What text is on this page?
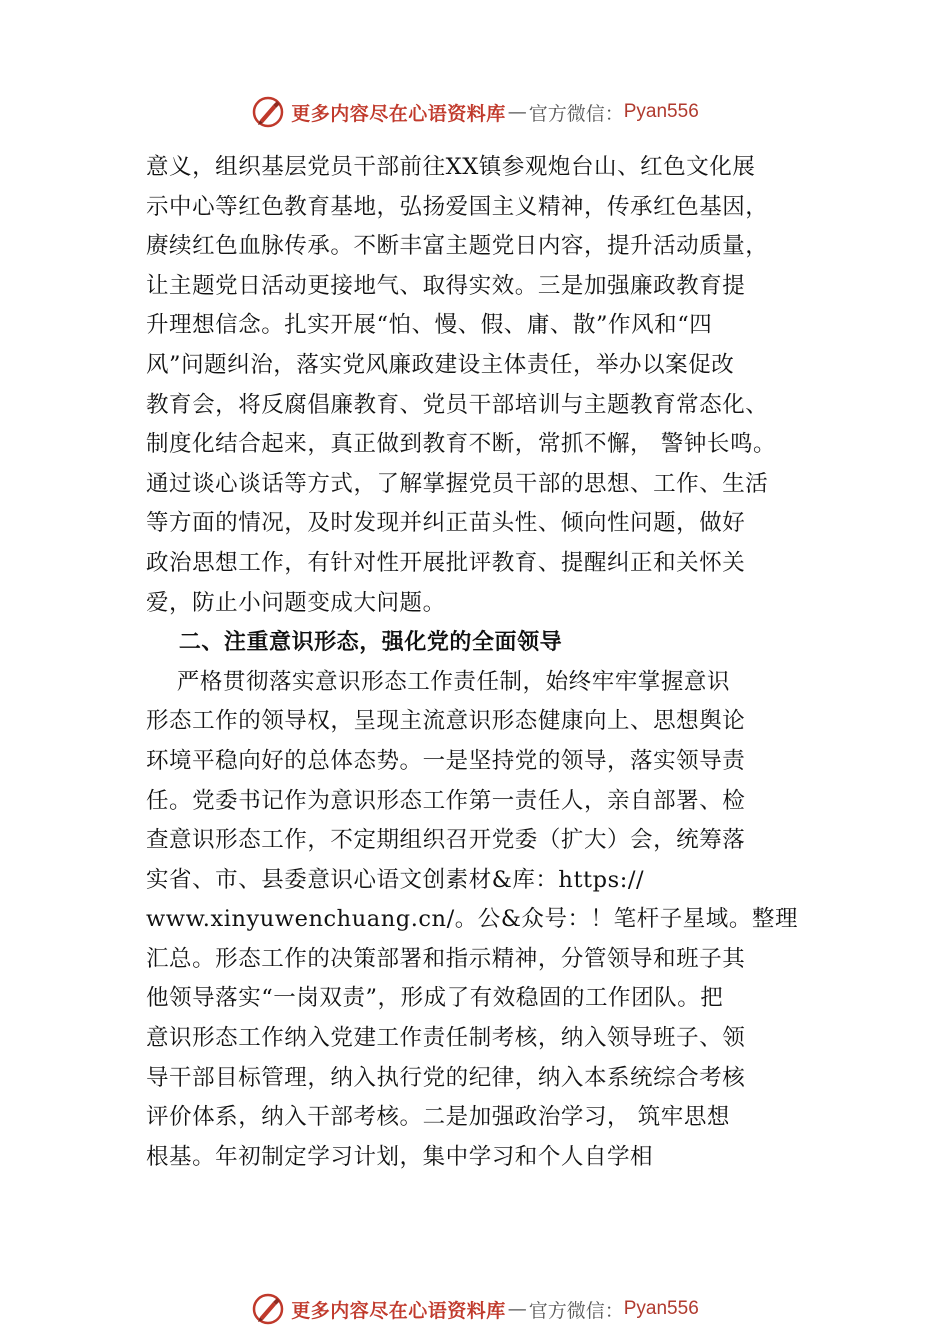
更多内容尽在心语资料库 — 官方微信： Pyan556
意义，组织基层党员干部前往XX镇参观炮台山、红色文化展
示中心等红色教育基地，弘扬爱国主义精神，传承红色基因，
赓续红色血脉传承。不断丰富主题党日内容，提升活动质量，
让主题党日活动更接地气、取得实效。三是加强廉政教育提
升理想信念。扎实开展“怕、慢、假、庸、散”作风和“四
风”问题纠治，落实党风廉政建设主体责任，举办以案促改
教育会，将反腐倡廉教育、党员干部培训与主题教育常态化、
制度化结合起来，真正做到教育不断，常抓不懈， 警钟长鸣。
通过谈心谈话等方式，了解掌握党员干部的思想、工作、生活
等方面的情况，及时发现并纠正苗头性、倾向性问题，做好
政治思想工作，有针对性开展批评教育、提醒纠正和关怀关
爱，防止小问题变成大问题。
二、注重意识形态，强化党的全面领导
严格贯彻落实意识形态工作责任制，始终牢牢掌握意识
形态工作的领导权，呈现主流意识形态健康向上、思想舆论
环境平稳向好的总体态势。一是坚持党的领导，落实领导责
任。党委书记作为意识形态工作第一责任人，亲自部署、检
查意识形态工作，不定期组织召开党委（扩大）会，统筹落
实省、市、县委意识心语文创素材&库：https://
www.xinyuwenchuang.cn/。公&众号：！笔杆子星域。整理
汇总。形态工作的决策部署和指示精神，分管领导和班子其
他领导落实“一岗双责”，形成了有效稳固的工作团队。把
意识形态工作纳入党建工作责任制考核，纳入领导班子、领
导干部目标管理，纳入执行党的纪律，纳入本系统综合考核
评价体系，纳入干部考核。二是加强政治学习， 筑牢思想
根基。年初制定学习计划，集中学习和个人自学相
更多内容尽在心语资料库 — 官方微信： Pyan556
